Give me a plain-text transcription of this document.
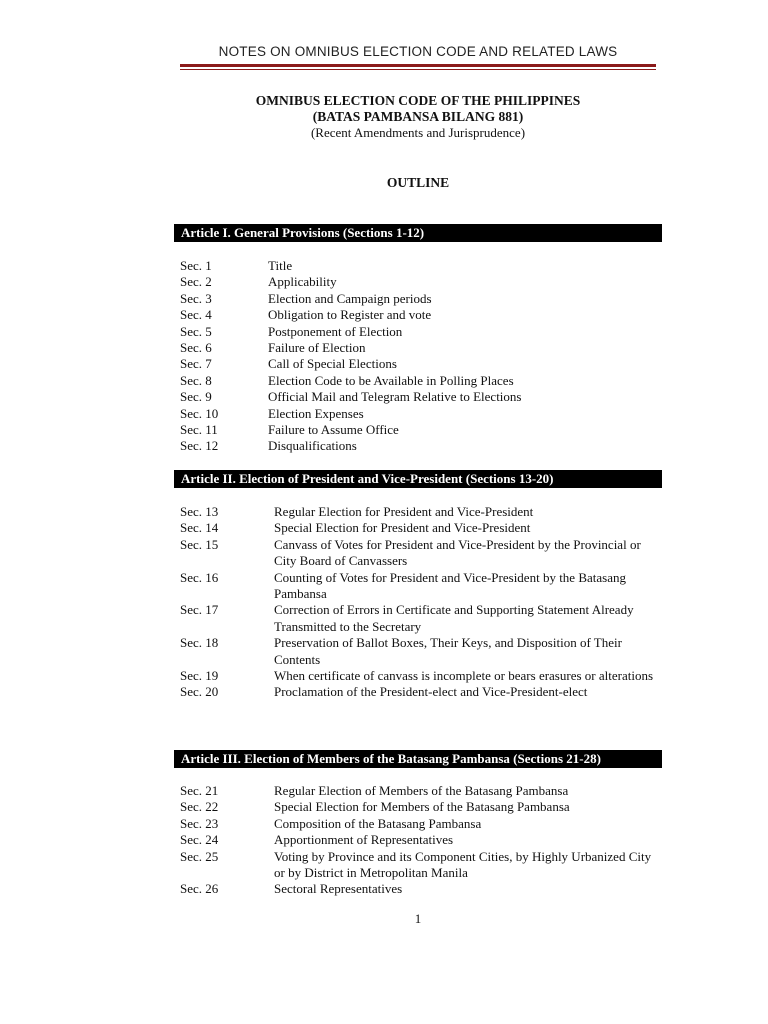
NOTES ON OMNIBUS ELECTION CODE AND RELATED LAWS
OMNIBUS ELECTION CODE OF THE PHILIPPINES
(BATAS PAMBANSA BILANG 881)
(Recent Amendments and Jurisprudence)
OUTLINE
Article I. General Provisions (Sections 1-12)
Sec. 1	Title
Sec. 2	Applicability
Sec. 3	Election and Campaign periods
Sec. 4	Obligation to Register and vote
Sec. 5	Postponement of Election
Sec. 6	Failure of Election
Sec. 7	Call of Special Elections
Sec. 8	Election Code to be Available in Polling Places
Sec. 9	Official Mail and Telegram Relative to Elections
Sec. 10	Election Expenses
Sec. 11	Failure to Assume Office
Sec. 12	Disqualifications
Article II. Election of President and Vice-President (Sections 13-20)
Sec. 13	Regular Election for President and Vice-President
Sec. 14	Special Election for President and Vice-President
Sec. 15	Canvass of Votes for President and Vice-President by the Provincial or City Board of Canvassers
Sec. 16	Counting of Votes for President and Vice-President by the Batasang Pambansa
Sec. 17	Correction of Errors in Certificate and Supporting Statement Already Transmitted to the Secretary
Sec. 18	Preservation of Ballot Boxes, Their Keys, and Disposition of Their Contents
Sec. 19	When certificate of canvass is incomplete or bears erasures or alterations
Sec. 20	Proclamation of the President-elect and Vice-President-elect
Article III. Election of Members of the Batasang Pambansa (Sections 21-28)
Sec. 21	Regular Election of Members of the Batasang Pambansa
Sec. 22	Special Election for Members of the Batasang Pambansa
Sec. 23	Composition of the Batasang Pambansa
Sec. 24	Apportionment of Representatives
Sec. 25	Voting by Province and its Component Cities, by Highly Urbanized City or by District in Metropolitan Manila
Sec. 26	Sectoral Representatives
1
